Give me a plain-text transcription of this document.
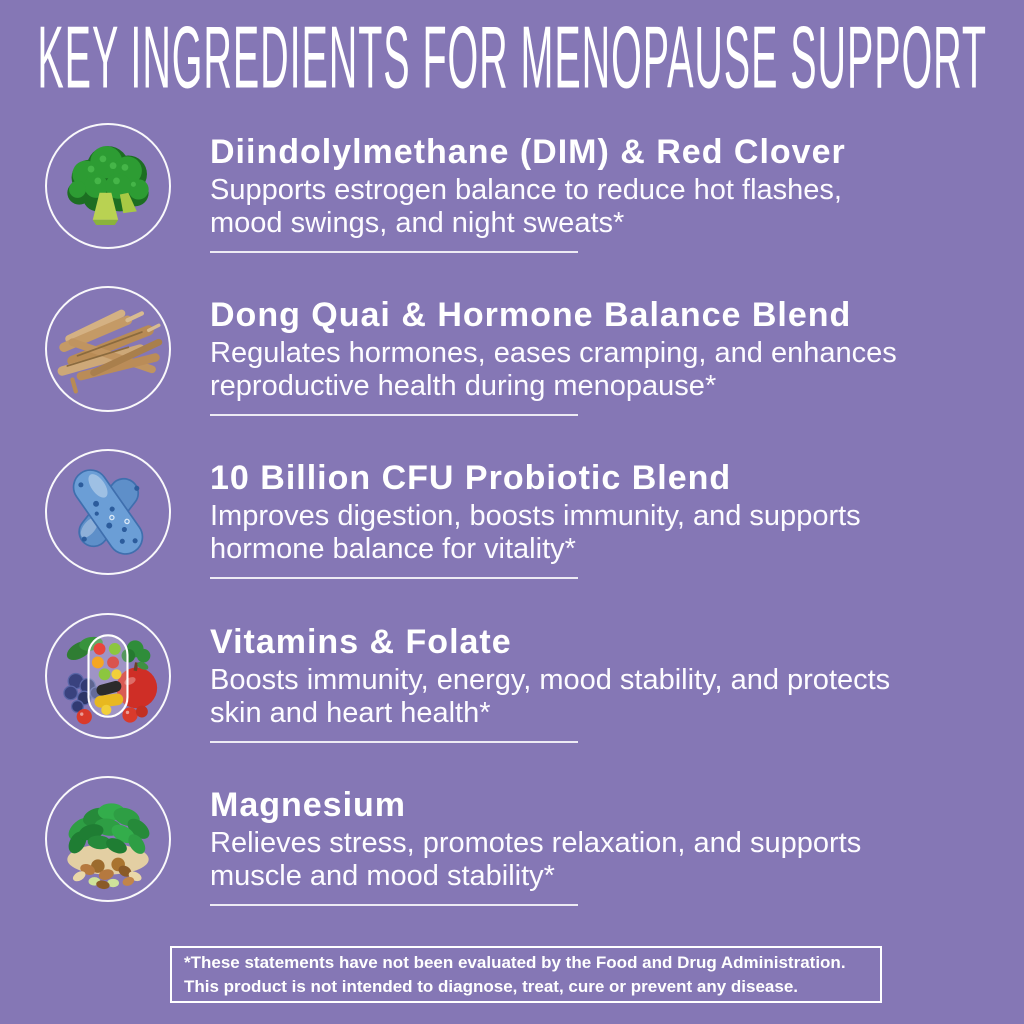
KEY INGREDIENTS FOR MENOPAUSE SUPPORT
Diindolylmethane (DIM) & Red Clover

Supports estrogen balance to reduce hot flashes,
mood swings, and night sweats*

Dong Quai & Hormone Balance Blend

Regulates hormones, eases cramping, and enhances
reproductive health during menopause*

10 Billion CFU Probiotic Blend

Improves digestion, boosts immunity, and supports
hormone balance for vitality*

Vitamins & Folate

Boosts immunity, energy, mood stability, and protects
skin and heart health*

Magnesium

Relieves stress, promotes relaxation, and supports
muscle and mood stability*

*These statements have not been evaluated by the Food and Drug Administration.
This product is not intended to diagnose, treat, cure or prevent any disease.
